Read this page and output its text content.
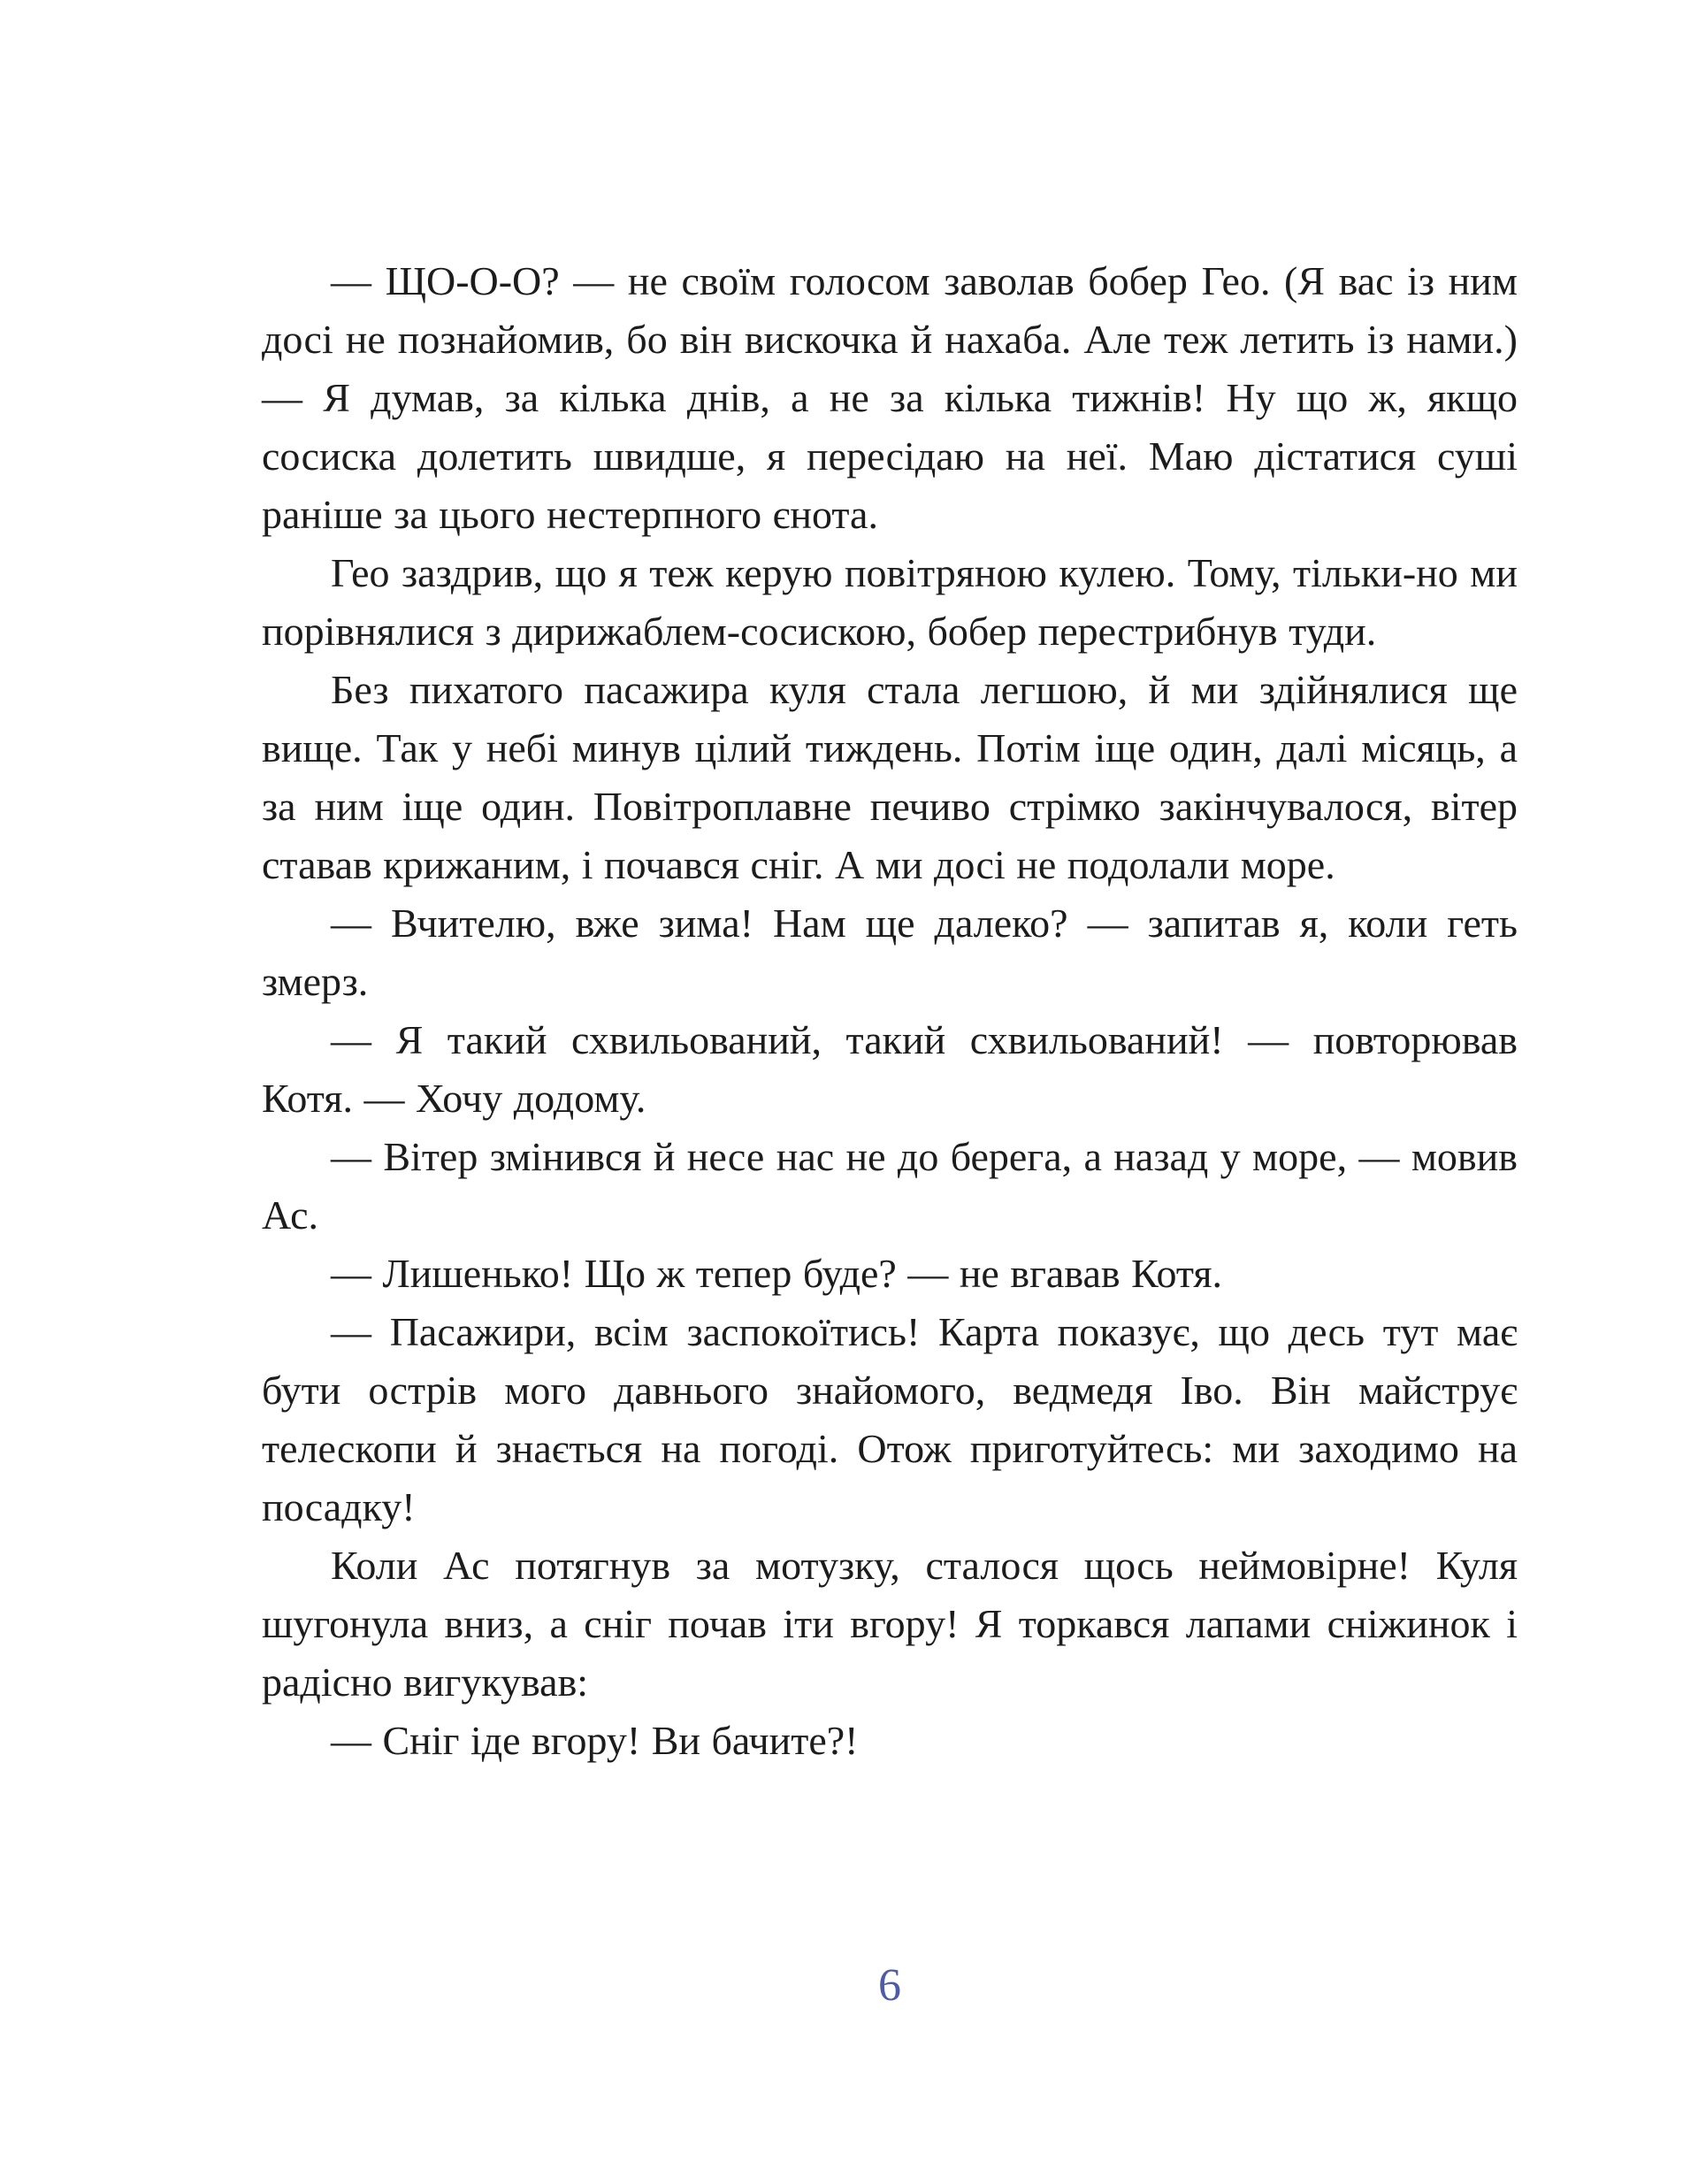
— ЩО-О-О? — не своїм голосом заволав бобер Гео. (Я вас із ним досі не познайомив, бо він вискочка й нахаба. Але теж летить із нами.) — Я думав, за кілька днів, а не за кілька тижнів! Ну що ж, якщо сосиска долетить швидше, я пересідаю на неї. Маю дістатися суші раніше за цього нестерпного єнота.

Гео заздрив, що я теж керую повітряною кулею. Тому, тільки-но ми порівнялися з дирижаблем-сосискою, бобер перестрибнув туди.

Без пихатого пасажира куля стала легшою, й ми здійнялися ще вище. Так у небі минув цілий тиждень. Потім іще один, далі місяць, а за ним іще один. Повітроплавне печиво стрімко закінчувалося, вітер ставав крижаним, і почався сніг. А ми досі не подолали море.

— Вчителю, вже зима! Нам ще далеко? — запитав я, коли геть змерз.

— Я такий схвильований, такий схвильований! — повторював Котя. — Хочу додому.

— Вітер змінився й несе нас не до берега, а назад у море, — мовив Ас.

— Лишенько! Що ж тепер буде? — не вгавав Котя.

— Пасажири, всім заспокоїтись! Карта показує, що десь тут має бути острів мого давнього знайомого, ведмедя Іво. Він майструє телескопи й знається на погоді. Отож приготуйтесь: ми заходимо на посадку!

Коли Ас потягнув за мотузку, сталося щось неймовірне! Куля шугонула вниз, а сніг почав іти вгору! Я торкався лапами сніжинок і радісно вигукував:

— Сніг іде вгору! Ви бачите?!

6
